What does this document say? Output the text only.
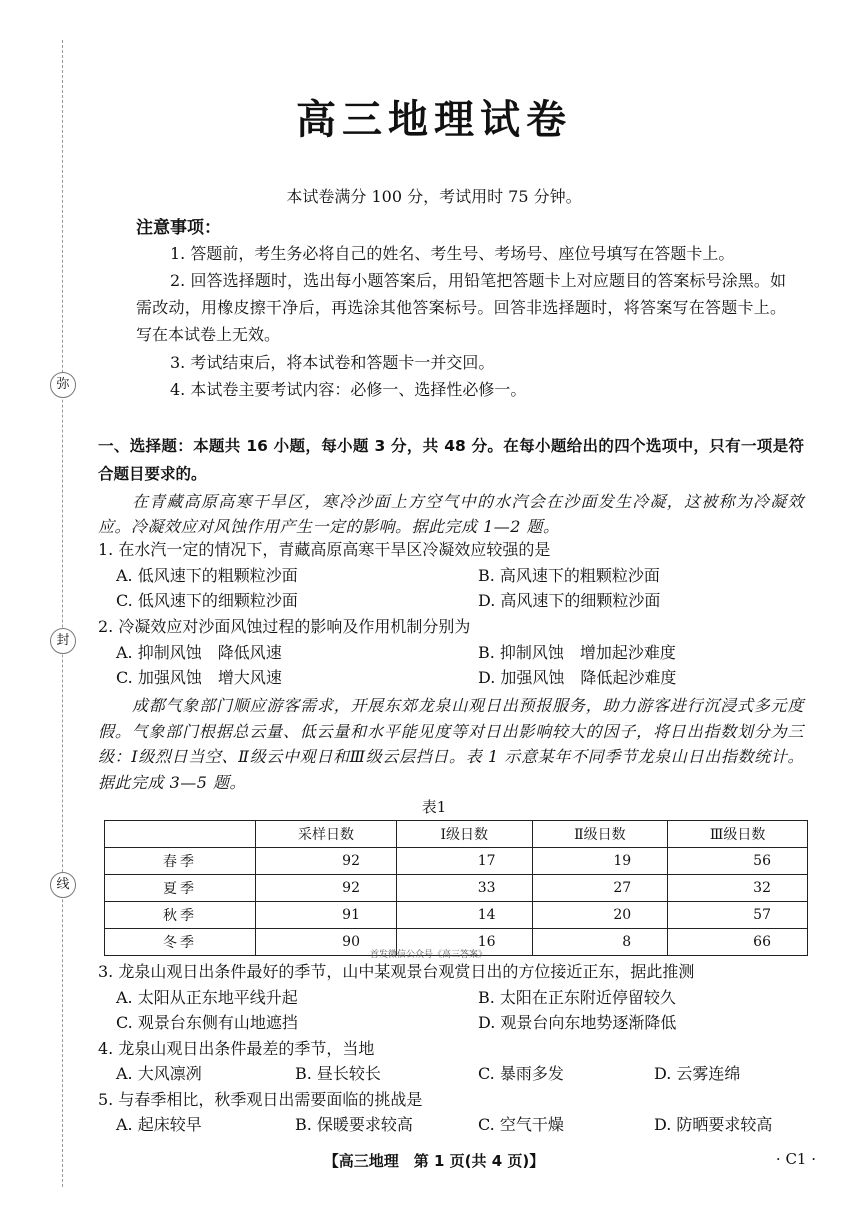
弥
封
线
高三地理试卷
本试卷满分 100 分，考试用时 75 分钟。
注意事项：
1. 答题前，考生务必将自己的姓名、考生号、考场号、座位号填写在答题卡上。
2. 回答选择题时，选出每小题答案后，用铅笔把答题卡上对应题目的答案标号涂黑。如需改动，用橡皮擦干净后，再选涂其他答案标号。回答非选择题时，将答案写在答题卡上。写在本试卷上无效。
3. 考试结束后，将本试卷和答题卡一并交回。
4. 本试卷主要考试内容：必修一、选择性必修一。
一、选择题：本题共 16 小题，每小题 3 分，共 48 分。在每小题给出的四个选项中，只有一项是符合题目要求的。
在青藏高原高寒干旱区，寒冷沙面上方空气中的水汽会在沙面发生冷凝，这被称为冷凝效应。冷凝效应对风蚀作用产生一定的影响。据此完成 1—2 题。
1. 在水汽一定的情况下，青藏高原高寒干旱区冷凝效应较强的是
A. 低风速下的粗颗粒沙面	B. 高风速下的粗颗粒沙面
C. 低风速下的细颗粒沙面	D. 高风速下的细颗粒沙面
2. 冷凝效应对沙面风蚀过程的影响及作用机制分别为
A. 抑制风蚀　降低风速	B. 抑制风蚀　增加起沙难度
C. 加强风蚀　增大风速	D. 加强风蚀　降低起沙难度
成都气象部门顺应游客需求，开展东郊龙泉山观日出预报服务，助力游客进行沉浸式多元度假。气象部门根据总云量、低云量和水平能见度等对日出影响较大的因子，将日出指数划分为三级：Ⅰ级烈日当空、Ⅱ级云中观日和Ⅲ级云层挡日。表 1 示意某年不同季节龙泉山日出指数统计。据此完成 3—5 题。
表1
	采样日数	Ⅰ级日数	Ⅱ级日数	Ⅲ级日数
春季	92	17	19	56
夏季	92	33	27	32
秋季	91	14	20	57
冬季	90	16	8	66
首发微信公众号《高三答案》
3. 龙泉山观日出条件最好的季节，山中某观景台观赏日出的方位接近正东，据此推测
A. 太阳从正东地平线升起	B. 太阳在正东附近停留较久
C. 观景台东侧有山地遮挡	D. 观景台向东地势逐渐降低
4. 龙泉山观日出条件最差的季节，当地
A. 大风凛冽	B. 昼长较长	C. 暴雨多发	D. 云雾连绵
5. 与春季相比，秋季观日出需要面临的挑战是
A. 起床较早	B. 保暖要求较高	C. 空气干燥	D. 防晒要求较高
【高三地理　第 1 页(共 4 页)】	· C1 ·
